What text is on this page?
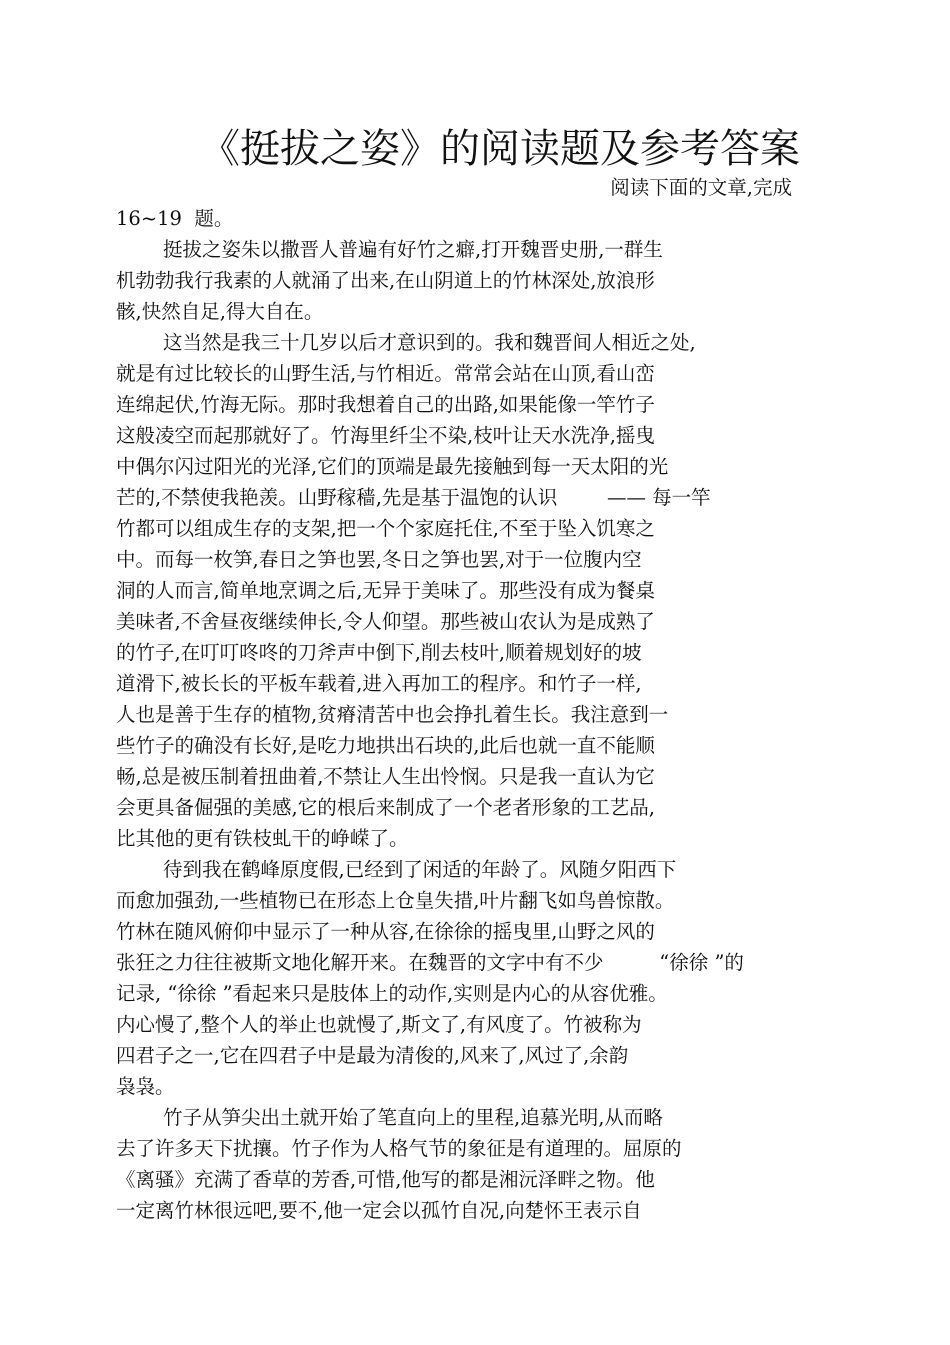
《挺拔之姿》的阅读题及参考答案
阅读下面的文章,完成
16~19  题。
挺拔之姿朱以撒晋人普遍有好竹之癖,打开魏晋史册,一群生
机勃勃我行我素的人就涌了出来,在山阴道上的竹林深处,放浪形
骸,快然自足,得大自在。
这当然是我三十几岁以后才意识到的。我和魏晋间人相近之处,
就是有过比较长的山野生活,与竹相近。常常会站在山顶,看山峦
连绵起伏,竹海无际。那时我想着自己的出路,如果能像一竿竹子
这般凌空而起那就好了。竹海里纤尘不染,枝叶让天水洗净,摇曳
中偶尔闪过阳光的光泽,它们的顶端是最先接触到每一天太阳的光
芒的,不禁使我艳羡。山野稼穑,先是基于温饱的认识        —— 每一竿
竹都可以组成生存的支架,把一个个家庭托住,不至于坠入饥寒之
中。而每一枚笋,春日之笋也罢,冬日之笋也罢,对于一位腹内空
洞的人而言,简单地烹调之后,无异于美味了。那些没有成为餐桌
美味者,不舍昼夜继续伸长,令人仰望。那些被山农认为是成熟了
的竹子,在叮叮咚咚的刀斧声中倒下,削去枝叶,顺着规划好的坡
道滑下,被长长的平板车载着,进入再加工的程序。和竹子一样,
人也是善于生存的植物,贫瘠清苦中也会挣扎着生长。我注意到一
些竹子的确没有长好,是吃力地拱出石块的,此后也就一直不能顺
畅,总是被压制着扭曲着,不禁让人生出怜悯。只是我一直认为它
会更具备倔强的美感,它的根后来制成了一个老者形象的工艺品,
比其他的更有铁枝虬干的峥嵘了。
待到我在鹤峰原度假,已经到了闲适的年龄了。风随夕阳西下
而愈加强劲,一些植物已在形态上仓皇失措,叶片翻飞如鸟兽惊散。
竹林在随风俯仰中显示了一种从容,在徐徐的摇曳里,山野之风的
张狂之力往往被斯文地化解开来。在魏晋的文字中有不少         “徐徐 ”的
记录, “徐徐 ”看起来只是肢体上的动作,实则是内心的从容优雅。
内心慢了,整个人的举止也就慢了,斯文了,有风度了。竹被称为
四君子之一,它在四君子中是最为清俊的,风来了,风过了,余韵
袅袅。
竹子从笋尖出土就开始了笔直向上的里程,追慕光明,从而略
去了许多天下扰攘。竹子作为人格气节的象征是有道理的。屈原的
《离骚》充满了香草的芳香,可惜,他写的都是湘沅泽畔之物。他
一定离竹林很远吧,要不,他一定会以孤竹自况,向楚怀王表示自
